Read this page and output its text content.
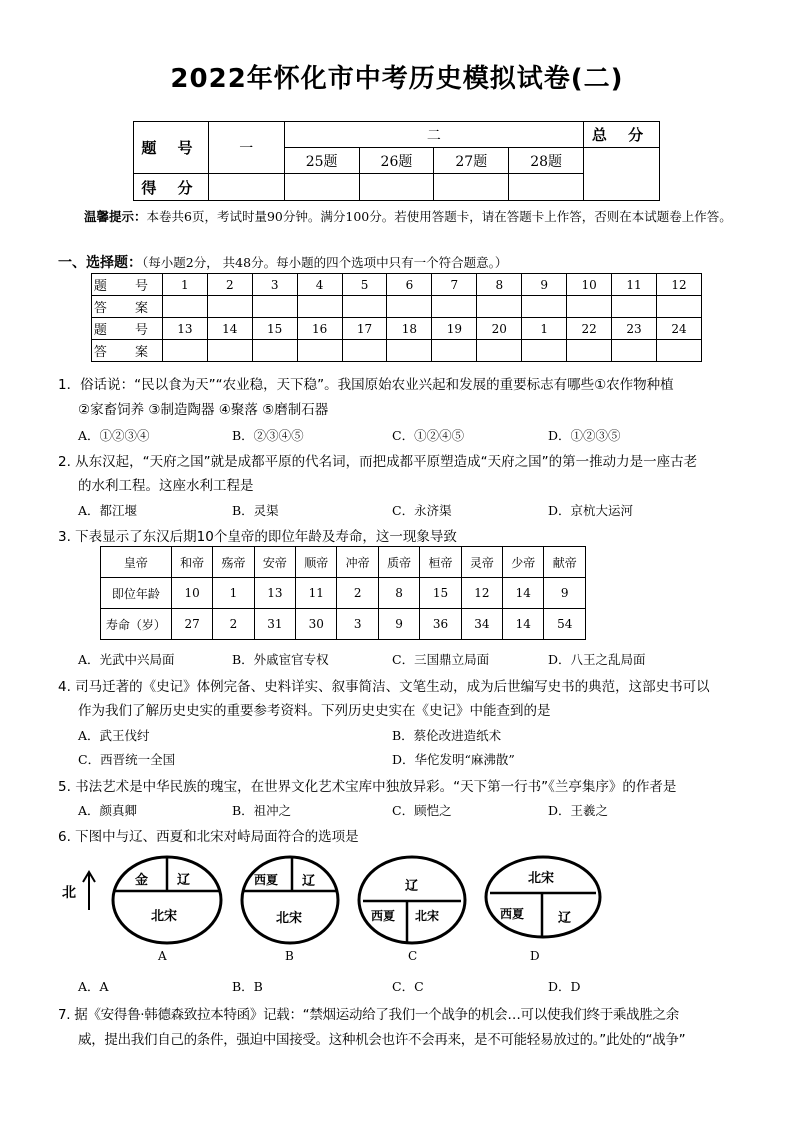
2022年怀化市中考历史模拟试卷(二)
题 号	一	二				总 分
		25题	26题	27题	28题	
得 分						
温馨提示：本卷共6页，考试时量90分钟。满分100分。若使用答题卡，请在答题卡上作答，否则在本试题卷上作答。
一、选择题：（每小题2分， 共48分。每小题的四个选项中只有一个符合题意。）
题 号	1	2	3	4	5	6	7	8	9	10	11	12
答 案												
题 号	13	14	15	16	17	18	19	20	1	22	23	24
答 案												
1．俗话说：“民以食为天”“农业稳，天下稳”。我国原始农业兴起和发展的重要标志有哪些①农作物种植
②家畜饲养 ③制造陶器 ④聚落 ⑤磨制石器
A．①②③④	B．②③④⑤	C．①②④⑤	D．①②③⑤
2. 从东汉起，“天府之国”就是成都平原的代名词，而把成都平原塑造成“天府之国”的第一推动力是一座古老
的水利工程。这座水利工程是
A．都江堰	B．灵渠	C．永济渠	D．京杭大运河
3. 下表显示了东汉后期10个皇帝的即位年龄及寿命，这一现象导致
皇帝	和帝	殇帝	安帝	顺帝	冲帝	质帝	桓帝	灵帝	少帝	献帝
即位年龄	10	1	13	11	2	8	15	12	14	9
寿命（岁）	27	2	31	30	3	9	36	34	14	54
A．光武中兴局面	B．外戚宦官专权	C．三国鼎立局面	D．八王之乱局面
4. 司马迁著的《史记》体例完备、史料详实、叙事简洁、文笔生动，成为后世编写史书的典范，这部史书可以
作为我们了解历史史实的重要参考资料。下列历史史实在《史记》中能查到的是
A．武王伐纣	B．蔡伦改进造纸术
C．西晋统一全国	D．华佗发明“麻沸散”
5. 书法艺术是中华民族的瑰宝，在世界文化艺术宝库中独放异彩。“天下第一行书”《兰亭集序》的作者是
A．颜真卿	B．祖冲之	C．顾恺之	D．王羲之
6. 下图中与辽、西夏和北宋对峙局面符合的选项是
北
金 辽
北宋
A
西夏 辽
北宋
B
辽
西夏 北宋
C
北宋
西夏	辽
D
A．A	B．B	C．C	D．D
7. 据《安得鲁·韩德森致拉本特函》记载：“禁烟运动给了我们一个战争的机会…可以使我们终于乘战胜之余
威，提出我们自己的条件，强迫中国接受。这种机会也许不会再来，是不可能轻易放过的。”此处的“战争”
